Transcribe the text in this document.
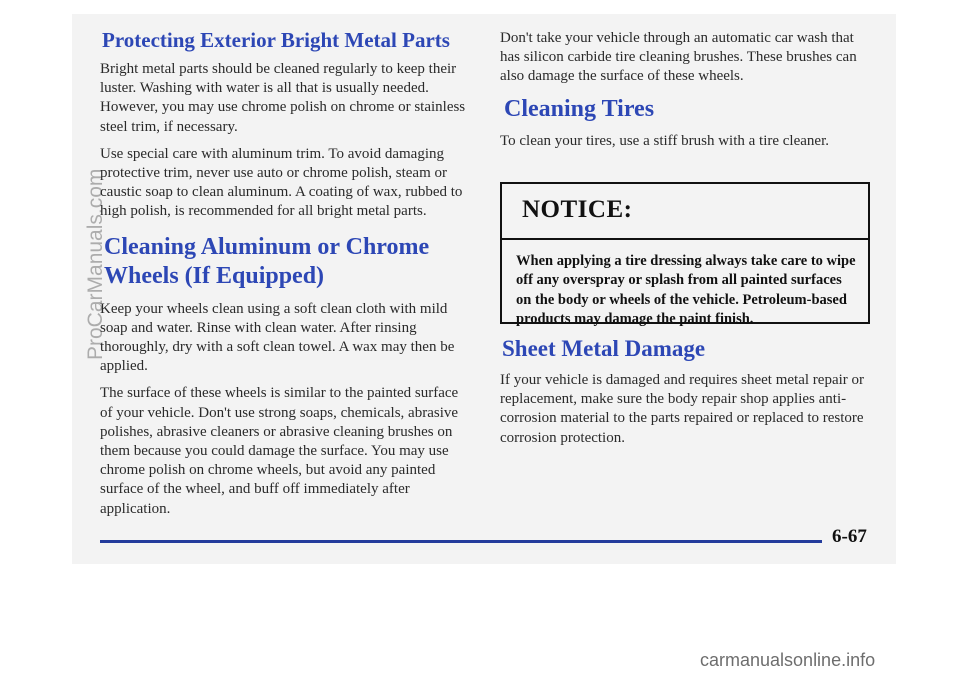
Protecting Exterior Bright Metal Parts

Bright metal parts should be cleaned regularly to keep their luster. Washing with water is all that is usually needed. However, you may use chrome polish on chrome or stainless steel trim, if necessary.

Use special care with aluminum trim. To avoid damaging protective trim, never use auto or chrome polish, steam or caustic soap to clean aluminum. A coating of wax, rubbed to high polish, is recommended for all bright metal parts.

Cleaning Aluminum or Chrome
Wheels (If Equipped)

Keep your wheels clean using a soft clean cloth with mild soap and water. Rinse with clean water. After rinsing thoroughly, dry with a soft clean towel. A wax may then be applied.

The surface of these wheels is similar to the painted surface of your vehicle. Don't use strong soaps, chemicals, abrasive polishes, abrasive cleaners or abrasive cleaning brushes on them because you could damage the surface. You may use chrome polish on chrome wheels, but avoid any painted surface of the wheel, and buff off immediately after application.

Don't take your vehicle through an automatic car wash that has silicon carbide tire cleaning brushes. These brushes can also damage the surface of these wheels.

Cleaning Tires

To clean your tires, use a stiff brush with a tire cleaner.

NOTICE:
When applying a tire dressing always take care to wipe off any overspray or splash from all painted surfaces on the body or wheels of the vehicle. Petroleum-based products may damage the paint finish.
Sheet Metal Damage

If your vehicle is damaged and requires sheet metal repair or replacement, make sure the body repair shop applies anti-corrosion material to the parts repaired or replaced to restore corrosion protection.

6-67
ProCarManuals.com
carmanualsonline.info
